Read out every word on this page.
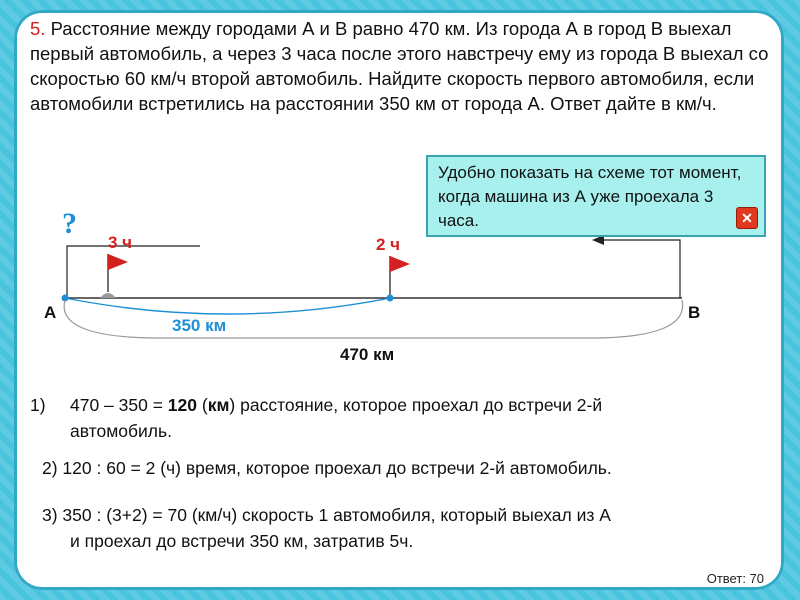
5. Расстояние между городами А и В равно 470 км. Из города А в город В выехал первый автомобиль, а через 3 часа после этого навстречу ему из города В выехал со скоростью 60 км/ч второй автомобиль. Найдите скорость первого автомобиля, если автомобили встретились на расстоянии 350 км от города А. Ответ дайте в км/ч.
?
3 ч	2 ч
А	В
350 км
470 км
Удобно показать на схеме тот момент, когда машина из А уже проехала 3 часа.	✕
1) 470 – 350 = 120 (км) расстояние, которое проехал до встречи 2-й
автомобиль.
2) 120 : 60 = 2 (ч) время, которое проехал до встречи 2-й автомобиль.
3) 350 : (3+2) = 70 (км/ч) скорость 1 автомобиля, который выехал из А
и проехал до встречи 350 км, затратив 5ч.
Ответ: 70
